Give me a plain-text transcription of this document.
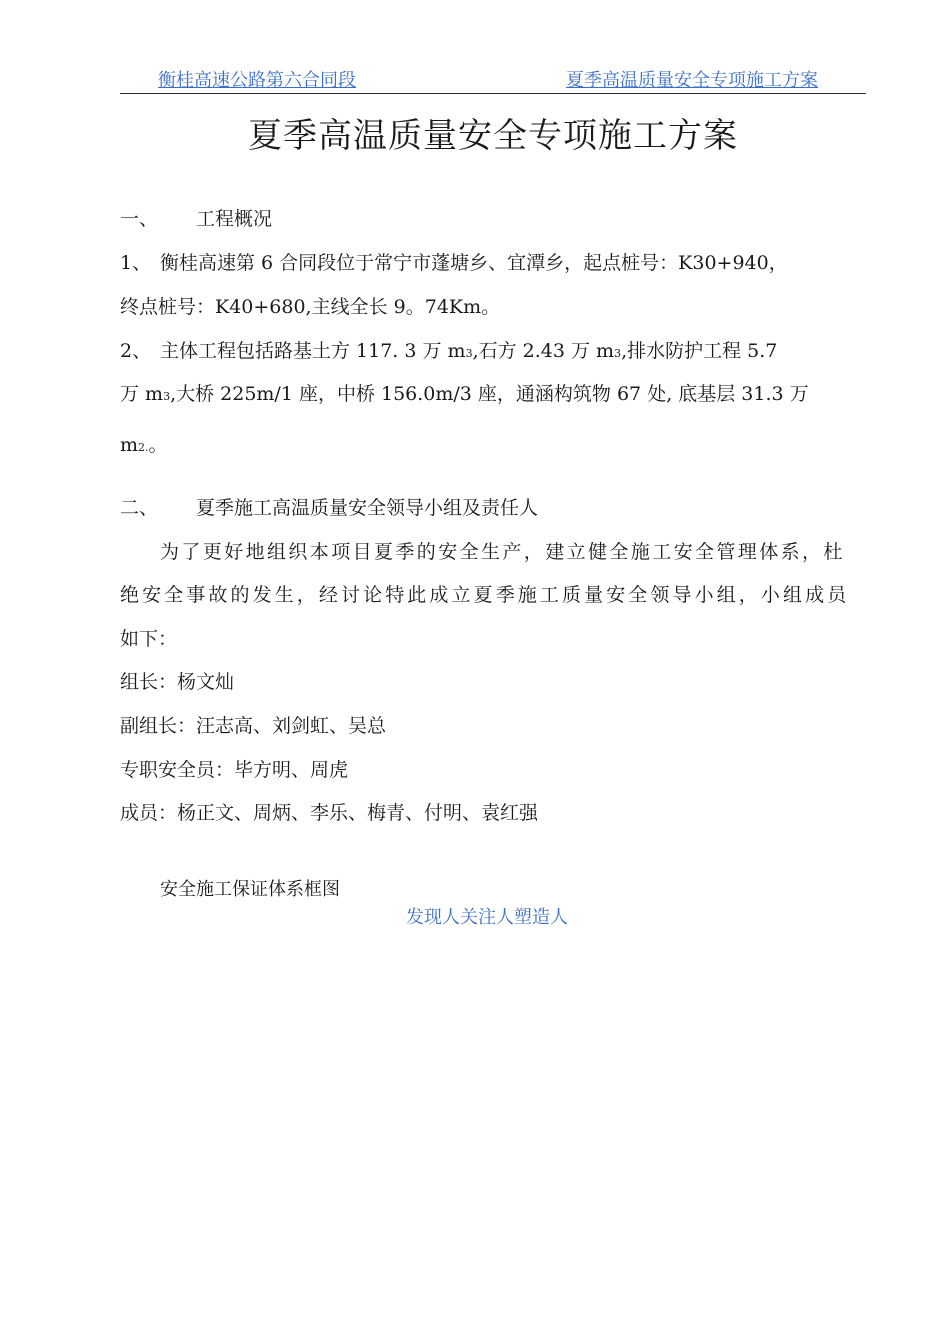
衡桂高速公路第六合同段	夏季高温质量安全专项施工方案
夏季高温质量安全专项施工方案
一、 工程概况
1、 衡桂高速第 6 合同段位于常宁市蓬塘乡、宜潭乡，起点桩号：K30+940，
终点桩号：K40+680,主线全长 9。74Km。
2、 主体工程包括路基土方 117. 3 万 m3,石方 2.43 万 m3,排水防护工程 5.7
万 m3,大桥 225m/1 座，中桥 156.0m/3 座，通涵构筑物 67 处, 底基层 31.3 万
m2.。
二、 夏季施工高温质量安全领导小组及责任人
为了更好地组织本项目夏季的安全生产，建立健全施工安全管理体系，杜
绝安全事故的发生，经讨论特此成立夏季施工质量安全领导小组，小组成员
如下：
组长：杨文灿
副组长：汪志高、刘剑虹、吴总
专职安全员：毕方明、周虎
成员：杨正文、周炳、李乐、梅青、付明、袁红强
安全施工保证体系框图
发现人关注人塑造人
